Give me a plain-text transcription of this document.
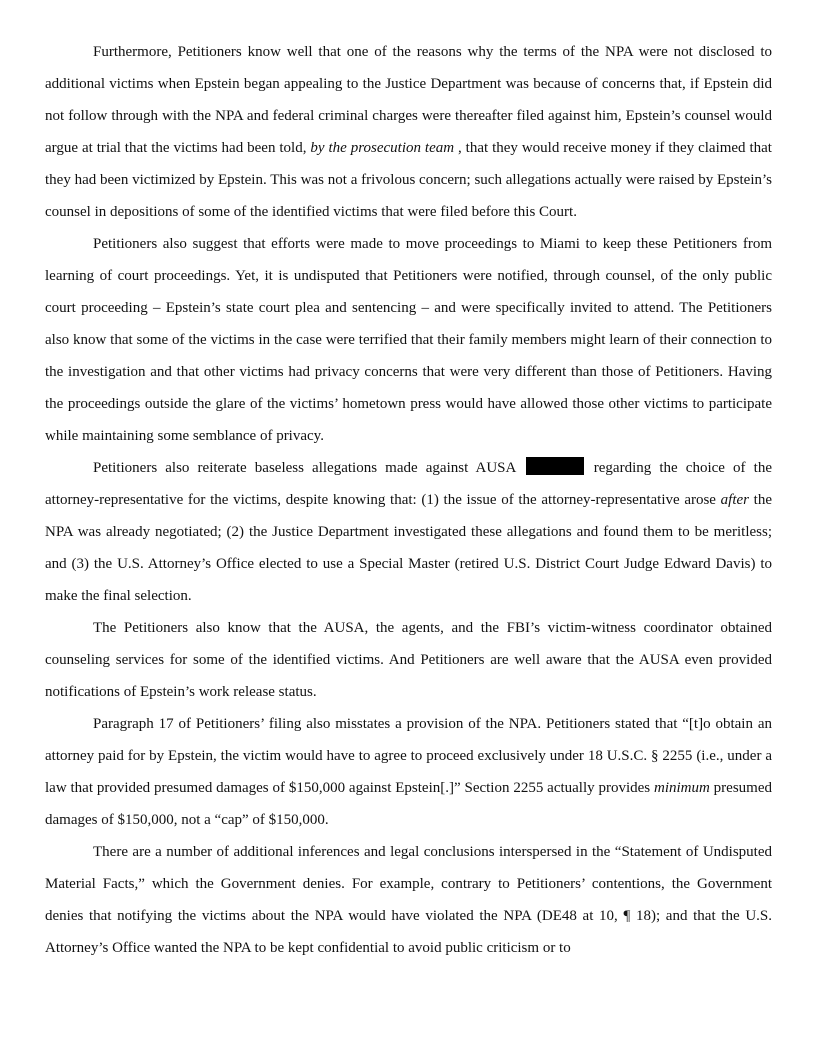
Furthermore, Petitioners know well that one of the reasons why the terms of the NPA were not disclosed to additional victims when Epstein began appealing to the Justice Department was because of concerns that, if Epstein did not follow through with the NPA and federal criminal charges were thereafter filed against him, Epstein’s counsel would argue at trial that the victims had been told, by the prosecution team , that they would receive money if they claimed that they had been victimized by Epstein. This was not a frivolous concern; such allegations actually were raised by Epstein’s counsel in depositions of some of the identified victims that were filed before this Court.

Petitioners also suggest that efforts were made to move proceedings to Miami to keep these Petitioners from learning of court proceedings. Yet, it is undisputed that Petitioners were notified, through counsel, of the only public court proceeding – Epstein’s state court plea and sentencing – and were specifically invited to attend. The Petitioners also know that some of the victims in the case were terrified that their family members might learn of their connection to the investigation and that other victims had privacy concerns that were very different than those of Petitioners. Having the proceedings outside the glare of the victims’ hometown press would have allowed those other victims to participate while maintaining some semblance of privacy.

Petitioners also reiterate baseless allegations made against AUSA	regarding the choice of the attorney-representative for the victims, despite knowing that: (1) the issue of the attorney-representative arose after the NPA was already negotiated; (2) the Justice Department investigated these allegations and found them to be meritless; and (3) the U.S. Attorney’s Office elected to use a Special Master (retired U.S. District Court Judge Edward Davis) to make the final selection.

The Petitioners also know that the AUSA, the agents, and the FBI’s victim-witness coordinator obtained counseling services for some of the identified victims. And Petitioners are well aware that the AUSA even provided notifications of Epstein’s work release status.

Paragraph 17 of Petitioners’ filing also misstates a provision of the NPA. Petitioners stated that “[t]o obtain an attorney paid for by Epstein, the victim would have to agree to proceed exclusively under 18 U.S.C. § 2255 (i.e., under a law that provided presumed damages of $150,000 against Epstein[.]” Section 2255 actually provides minimum presumed damages of $150,000, not a “cap” of $150,000.

There are a number of additional inferences and legal conclusions interspersed in the “Statement of Undisputed Material Facts,” which the Government denies. For example, contrary to Petitioners’ contentions, the Government denies that notifying the victims about the NPA would have violated the NPA (DE48 at 10, ¶ 18); and that the U.S. Attorney’s Office wanted the NPA to be kept confidential to avoid public criticism or to
